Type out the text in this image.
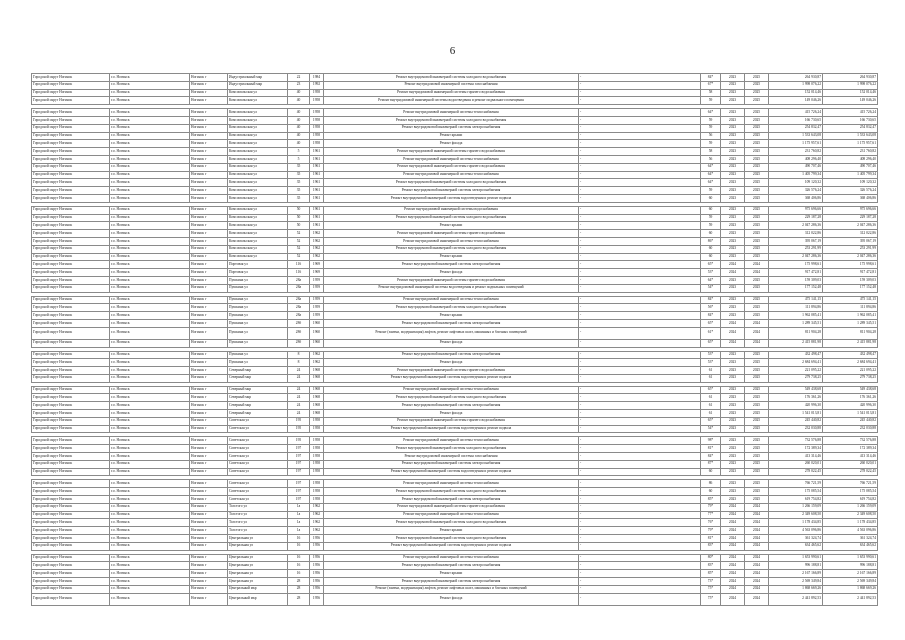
6
Городской округ Ногинск	г.о. Ногинск	Ногинск г	Индустриальный мкр	22	1984	Ремонт внутридомовой инженерной системы холодного водоснабжения	-	84*	2023	2025	264 930,87	264 930,87
Городской округ Ногинск	г.о. Ногинск	Ногинск г	Индустриальный мкр	23	1992	Ремонт внутридомовой инженерной системы газоснабжения	-	67*	2023	2025	1 998 076,22	1 998 076,22
Городской округ Ногинск	г.о. Ногинск	Ногинск г	Комсомольская ул	40	1958	Ремонт внутридомовой инженерной системы горячего водоснабжения	-	58	2023	2025	152 014,46	152 014,46
Городской округ Ногинск	г.о. Ногинск	Ногинск г	Комсомольская ул	40	1958	Ремонт внутридомовой инженерной системы водоотведения и ремонт подвального помещения	-	59	2023	2025	149 046,26	149 046,26

Городской округ Ногинск	г.о. Ногинск	Ногинск г	Комсомольская ул	40	1958	Ремонт внутридомовой инженерной системы теплоснабжения	-	64*	2023	2025	415 726,24	415 726,24
Городской округ Ногинск	г.о. Ногинск	Ногинск г	Комсомольская ул	40	1958	Ремонт внутридомовой инженерной системы холодного водоснабжения	-	59	2023	2025	166 730,65	166 730,65
Городской округ Ногинск	г.о. Ногинск	Ногинск г	Комсомольская ул	40	1958	Ремонт внутридомовой инженерной системы электроснабжения	-	59	2023	2025	254 832,47	254 832,47
Городской округ Ногинск	г.о. Ногинск	Ногинск г	Комсомольская ул	40	1958	Ремонт крыши	-	56	2023	2025	1 533 643,08	1 533 643,08
Городской округ Ногинск	г.о. Ногинск	Ногинск г	Комсомольская ул	40	1958	Ремонт фасада	-	59	2023	2025	1 175 957,61	1 175 957,61
Городской округ Ногинск	г.о. Ногинск	Ногинск г	Комсомольская ул	5	1961	Ремонт внутридомовой инженерной системы горячего водоснабжения	-	58	2023	2025	231 760,82	231 760,82
Городской округ Ногинск	г.о. Ногинск	Ногинск г	Комсомольская ул	5	1961	Ремонт внутридомовой инженерной системы теплоснабжения	-	56	2023	2025	408 296,40	408 296,40
Городской округ Ногинск	г.о. Ногинск	Ногинск г	Комсомольская ул	35	1961	Ремонт внутридомовой инженерной системы горячего водоснабжения	-	64*	2023	2025	490 707,46	490 707,46
Городской округ Ногинск	г.о. Ногинск	Ногинск г	Комсомольская ул	35	1961	Ремонт внутридомовой инженерной системы теплоснабжения	-	64*	2023	2025	1 405 799,34	1 405 799,34
Городской округ Ногинск	г.о. Ногинск	Ногинск г	Комсомольская ул	35	1961	Ремонт внутридомовой инженерной системы холодного водоснабжения	-	64*	2023	2025	109 120,32	109 120,32
Городской округ Ногинск	г.о. Ногинск	Ногинск г	Комсомольская ул	35	1961	Ремонт внутридомовой инженерной системы электроснабжения	-	59	2023	2025	326 576,24	326 576,24
Городской округ Ногинск	г.о. Ногинск	Ногинск г	Комсомольская ул	35	1961	Ремонт внутридомовой инженерной системы водоотведения и ремонт подвала	-	60	2023	2025	368 406,86	368 406,86

Городской округ Ногинск	г.о. Ногинск	Ногинск г	Комсомольская ул	50	1961	Ремонт внутридомовой инженерной системы водоснабжения	-	60	2023	2025	975 696,66	975 696,66
Городской округ Ногинск	г.о. Ногинск	Ногинск г	Комсомольская ул	50	1961	Ремонт внутридомовой инженерной системы холодного водоснабжения	-	59	2023	2025	229 187,28	229 187,28
Городской округ Ногинск	г.о. Ногинск	Ногинск г	Комсомольская ул	50	1961	Ремонт крыши	-	59	2023	2025	2 047 286,36	2 047 286,36
Городской округ Ногинск	г.о. Ногинск	Ногинск г	Комсомольская ул	52	1962	Ремонт внутридомовой инженерной системы горячего водоснабжения	-	60	2023	2025	312 022,86	312 022,86
Городской округ Ногинск	г.о. Ногинск	Ногинск г	Комсомольская ул	52	1962	Ремонт внутридомовой инженерной системы теплоснабжения	-	86*	2023	2025	395 067,19	395 067,19
Городской округ Ногинск	г.о. Ногинск	Ногинск г	Комсомольская ул	52	1962	Ремонт внутридомовой инженерной системы холодного водоснабжения	-	60	2023	2025	253 291,99	253 291,99
Городской округ Ногинск	г.о. Ногинск	Ногинск г	Комсомольская ул	52	1962	Ремонт крыши	-	60	2023	2025	2 047 286,36	2 047 286,36
Городской округ Ногинск	г.о. Ногинск	Ногинск г	Портовая ул	116	1969	Ремонт внутридомовой инженерной системы электроснабжения	-	65*	2024	2024	175 998,61	175 998,61
Городской округ Ногинск	г.о. Ногинск	Ногинск г	Портовая ул	116	1969	Ремонт фасада	-	53*	2024	2024	917 472,81	917 472,81
Городской округ Ногинск	г.о. Ногинск	Ногинск г	Пушкина ул	28а	1959	Ремонт внутридомовой инженерной системы горячего водоснабжения	-	64*	2023	2025	159 309,03	159 309,03
Городской округ Ногинск	г.о. Ногинск	Ногинск г	Пушкина ул	28а	1959	Ремонт внутридомовой инженерной системы водоотведения и ремонт подвальных помещений	-	54*	2023	2025	177 152,48	177 152,48

Городской округ Ногинск	г.о. Ногинск	Ногинск г	Пушкина ул	28а	1959	Ремонт внутридомовой инженерной системы теплоснабжения	-	84*	2023	2025	475 141,15	475 141,15
Городской округ Ногинск	г.о. Ногинск	Ногинск г	Пушкина ул	28а	1959	Ремонт внутридомовой инженерной системы холодного водоснабжения	-	56*	2023	2025	111 894,86	111 894,86
Городской округ Ногинск	г.о. Ногинск	Ногинск г	Пушкина ул	28а	1959	Ремонт крыши	-	84*	2023	2025	1 962 085,41	1 962 085,41
Городской округ Ногинск	г.о. Ногинск	Ногинск г	Пушкина ул	28б	1960	Ремонт внутридомовой инженерной системы электроснабжения	-	65*	2024	2024	1 289 345,51	1 289 345,51
Городской округ Ногинск	г.о. Ногинск	Ногинск г	Пушкина ул	28б	1960	Ремонт (замена, модернизация) лифтов, ремонт лифтовых шахт, машинных и блочных помещений	-	61*	2024	2024	811 904,28	811 904,28
Городской округ Ногинск	г.о. Ногинск	Ногинск г	Пушкина ул	28б	1960	Ремонт фасада	-	65*	2024	2024	2 415 881,98	2 415 881,98

Городской округ Ногинск	г.о. Ногинск	Ногинск г	Пушкина ул	8	1962	Ремонт внутридомовой инженерной системы электроснабжения	-	53*	2023	2025	432 498,47	432 498,47
Городской округ Ногинск	г.о. Ногинск	Ногинск г	Пушкина ул	8	1962	Ремонт фасада	-	53*	2023	2025	2 684 694,41	2 684 694,41
Городской округ Ногинск	г.о. Ногинск	Ногинск г	Северный мкр	24	1968	Ремонт внутридомовой инженерной системы горячего водоснабжения	-	61	2023	2025	221 095,22	221 095,22
Городской округ Ногинск	г.о. Ногинск	Ногинск г	Северный мкр	24	1968	Ремонт внутридомовой инженерной системы водоотведения и ремонт подвала	-	61	2023	2025	279 738,25	279 738,25

Городской округ Ногинск	г.о. Ногинск	Ногинск г	Северный мкр	24	1968	Ремонт внутридомовой инженерной системы теплоснабжения	-	65*	2023	2025	549 438,68	549 438,68
Городской округ Ногинск	г.о. Ногинск	Ногинск г	Северный мкр	24	1968	Ремонт внутридомовой инженерной системы холодного водоснабжения	-	61	2023	2025	176 361,26	176 361,26
Городской округ Ногинск	г.о. Ногинск	Ногинск г	Северный мкр	24	1968	Ремонт внутридомовой инженерной системы электроснабжения	-	61	2023	2025	420 996,30	420 996,30
Городской округ Ногинск	г.о. Ногинск	Ногинск г	Северный мкр	24	1968	Ремонт фасада	-	61	2023	2025	1 541 013,81	1 541 013,81
Городской округ Ногинск	г.о. Ногинск	Ногинск г	Советская ул	195	1958	Ремонт внутридомовой инженерной системы горячего водоснабжения	-	65*	2023	2025	245 440,82	245 440,82
Городской округ Ногинск	г.о. Ногинск	Ногинск г	Советская ул	195	1958	Ремонт внутридомовой инженерной системы водоотведения и ремонт подвала	-	54*	2023	2025	232 030,88	232 030,88

Городской округ Ногинск	г.о. Ногинск	Ногинск г	Советская ул	195	1958	Ремонт внутридомовой инженерной системы теплоснабжения	-	98*	2023	2025	732 576,88	732 576,88
Городской округ Ногинск	г.о. Ногинск	Ногинск г	Советская ул	197	1958	Ремонт внутридомовой инженерной системы холодного водоснабжения	-	81*	2023	2025	172 389,34	172 389,34
Городской округ Ногинск	г.о. Ногинск	Ногинск г	Советская ул	197	1958	Ремонт внутридомовой инженерной системы газоснабжения	-	84*	2023	2025	413 314,46	413 314,46
Городской округ Ногинск	г.о. Ногинск	Ногинск г	Советская ул	197	1958	Ремонт внутридомовой инженерной системы электроснабжения	-	87*	2023	2025	260 020,01	260 020,01
Городской округ Ногинск	г.о. Ногинск	Ногинск г	Советская ул	197	1958	Ремонт внутридомовой инженерной системы водоотведения и ремонт подвала	-	60	2023	2025	278 022,45	278 022,45

Городской округ Ногинск	г.о. Ногинск	Ногинск г	Советская ул	197	1958	Ремонт внутридомовой инженерной системы теплоснабжения	-	86	2023	2025	766 721,59	766 721,59
Городской округ Ногинск	г.о. Ногинск	Ногинск г	Советская ул	197	1958	Ремонт внутридомовой инженерной системы холодного водоснабжения	-	60	2023	2025	175 085,54	175 085,54
Городской округ Ногинск	г.о. Ногинск	Ногинск г	Советская ул	197	1958	Ремонт внутридомовой инженерной системы электроснабжения	-	85*	2023	2025	619 754,82	619 754,82
Городской округ Ногинск	г.о. Ногинск	Ногинск г	Толстого ул	1а	1962	Ремонт внутридомовой инженерной системы горячего водоснабжения	-	79*	2024	2024	1 266 159,09	1 266 159,09
Городской округ Ногинск	г.о. Ногинск	Ногинск г	Толстого ул	1а	1962	Ремонт внутридомовой инженерной системы теплоснабжения	-	77*	2024	2024	2 349 608,50	2 349 608,50
Городской округ Ногинск	г.о. Ногинск	Ногинск г	Толстого ул	1а	1962	Ремонт внутридомовой инженерной системы холодного водоснабжения	-	76*	2024	2024	1 178 434,85	1 178 434,85
Городской округ Ногинск	г.о. Ногинск	Ногинск г	Толстого ул	1а	1962	Ремонт крыши	-	79*	2024	2024	4 563 096,86	4 563 096,86
Городской округ Ногинск	г.о. Ногинск	Ногинск г	Центральная ул	16	1956	Ремонт внутридомовой инженерной системы холодного водоснабжения	-	81*	2024	2024	361 324,74	361 324,74
Городской округ Ногинск	г.о. Ногинск	Ногинск г	Центральная ул	16	1956	Ремонт внутридомовой инженерной системы водоотведения и ремонт подвала	-	83*	2024	2024	634 465,62	634 465,62

Городской округ Ногинск	г.о. Ногинск	Ногинск г	Центральная ул	16	1956	Ремонт внутридомовой инженерной системы теплоснабжения	-	80*	2024	2024	1 653 990,61	1 653 990,61
Городской округ Ногинск	г.о. Ногинск	Ногинск г	Центральная ул	16	1956	Ремонт внутридомовой инженерной системы электроснабжения	-	83*	2024	2024	996 188,81	996 188,81
Городской округ Ногинск	г.о. Ногинск	Ногинск г	Центральная ул	16	1956	Ремонт крыши	-	85*	2024	2024	2 167 166,89	2 167 166,89
Городской округ Ногинск	г.о. Ногинск	Ногинск г	Центральная ул	28	1956	Ремонт внутридомовой инженерной системы электроснабжения	-	73*	2024	2024	2 569 349,84	2 569 349,84
Городской округ Ногинск	г.о. Ногинск	Ногинск г	Центральный мкр	28	1956	Ремонт (замена, модернизация) лифтов, ремонт лифтовых шахт, машинных и блочных помещений	-	75*	2024	2024	1 868 669,26	1 868 669,26
Городской округ Ногинск	г.о. Ногинск	Ногинск г	Центральный мкр	28	1956	Ремонт фасада	-	75*	2024	2024	2 441 892,53	2 441 892,53
